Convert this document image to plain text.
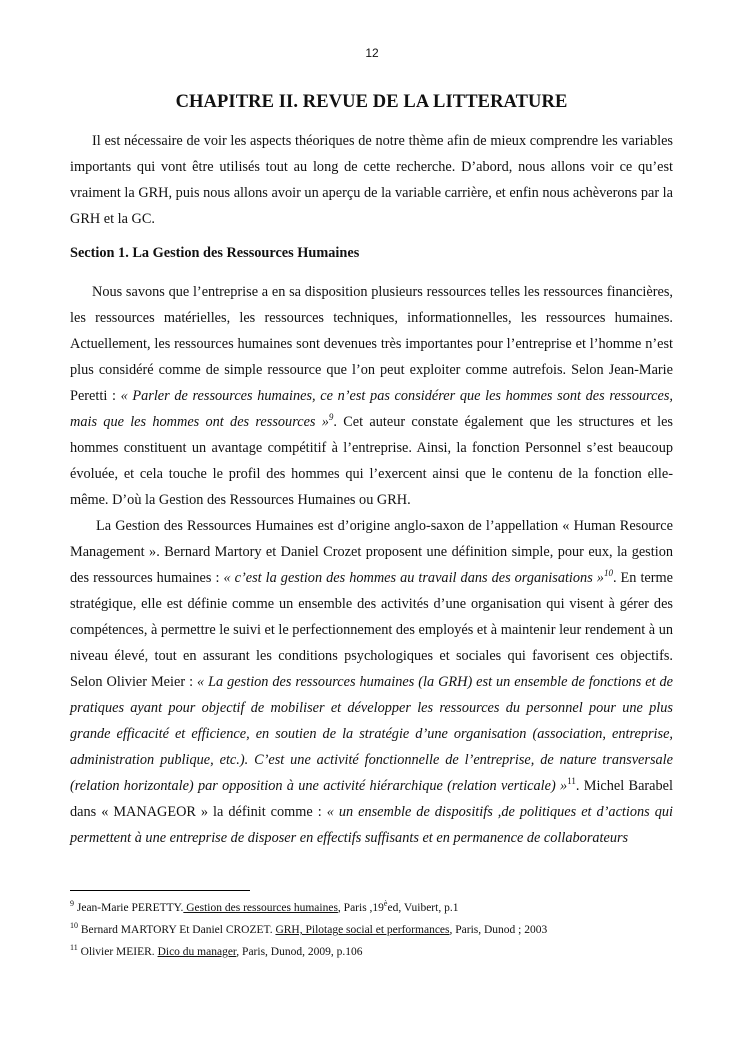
12
CHAPITRE II. REVUE DE LA LITTERATURE

Il est nécessaire de voir les aspects théoriques de notre thème afin de mieux comprendre les variables importants qui vont être utilisés tout au long de cette recherche. D’abord, nous allons voir ce qu’est vraiment la GRH, puis nous allons avoir un aperçu de la variable carrière, et enfin nous achèverons par la GRH et la GC.

Section 1. La Gestion des Ressources Humaines

Nous savons que l’entreprise a en sa disposition plusieurs ressources telles les ressources financières, les ressources matérielles, les ressources techniques, informationnelles, les ressources humaines. Actuellement, les ressources humaines sont devenues très importantes pour l’entreprise et l’homme n’est plus considéré comme de simple ressource que l’on peut exploiter comme autrefois. Selon Jean-Marie Peretti : « Parler de ressources humaines, ce n’est pas considérer que les hommes sont des ressources, mais que les hommes ont des ressources »$^9$. Cet auteur constate également que les structures et les hommes constituent un avantage compétitif à l’entreprise. Ainsi, la fonction Personnel s’est beaucoup évoluée, et cela touche le profil des hommes qui l’exercent ainsi que le contenu de la fonction elle-même. D’où la Gestion des Ressources Humaines ou GRH.

La Gestion des Ressources Humaines est d’origine anglo-saxon de l’appellation « Human Resource Management ». Bernard Martory et Daniel Crozet proposent une définition simple, pour eux, la gestion des ressources humaines : « c’est la gestion des hommes au travail dans des organisations »$^{10}$. En terme stratégique, elle est définie comme un ensemble des activités d’une organisation qui visent à gérer des compétences, à permettre le suivi et le perfectionnement des employés et à maintenir leur rendement à un niveau élevé, tout en assurant les conditions psychologiques et sociales qui favorisent ces objectifs. Selon Olivier Meier : « La gestion des ressources humaines (la GRH) est un ensemble de fonctions et de pratiques ayant pour objectif de mobiliser et développer les ressources du personnel pour une plus grande efficacité et efficience, en soutien de la stratégie d’une organisation (association, entreprise, administration publique, etc.). C’est une activité fonctionnelle de l’entreprise, de nature transversale (relation horizontale) par opposition à une activité hiérarchique (relation verticale) »$^{11}$. Michel Barabel dans « MANAGEOR » la définit comme : « un ensemble de dispositifs ,de politiques et d’actions qui permettent à une entreprise de disposer en effectifs suffisants et en permanence de collaborateurs

$^9$ Jean-Marie PERETTY. Gestion des ressources humaines, Paris ,19$^è$ed, Vuibert, p.1
$^{10}$ Bernard MARTORY Et Daniel CROZET. GRH, Pilotage social et performances, Paris, Dunod ; 2003
$^{11}$ Olivier MEIER. Dico du manager, Paris, Dunod, 2009, p.106
